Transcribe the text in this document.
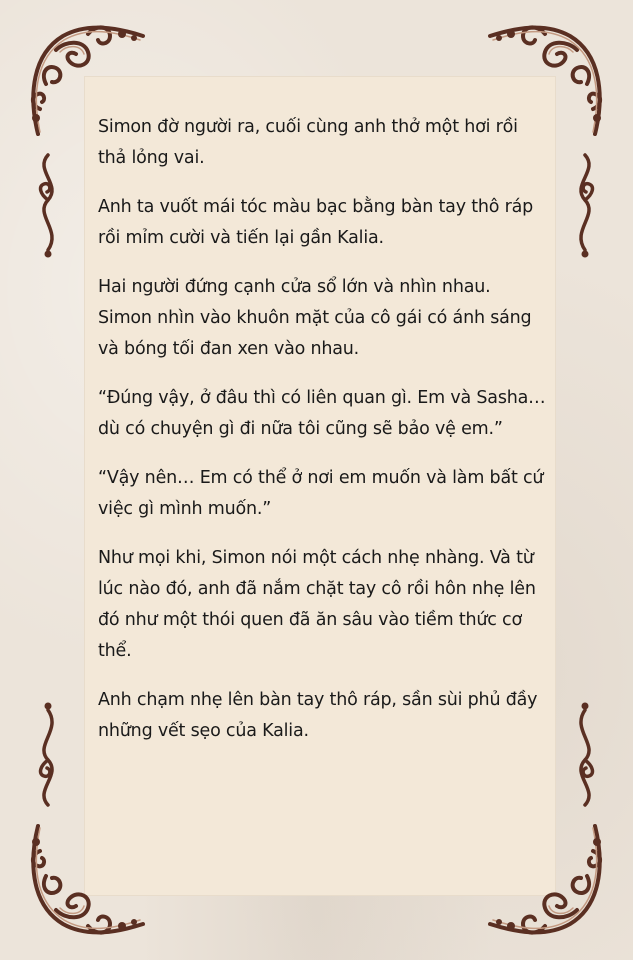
Simon đờ người ra, cuối cùng anh thở một hơi rồi thả lỏng vai.

Anh ta vuốt mái tóc màu bạc bằng bàn tay thô ráp rồi mỉm cười và tiến lại gần Kalia.

Hai người đứng cạnh cửa sổ lớn và nhìn nhau. Simon nhìn vào khuôn mặt của cô gái có ánh sáng và bóng tối đan xen vào nhau.

“Đúng vậy, ở đâu thì có liên quan gì. Em và Sasha… dù có chuyện gì đi nữa tôi cũng sẽ bảo vệ em.”

“Vậy nên… Em có thể ở nơi em muốn và làm bất cứ việc gì mình muốn.”

Như mọi khi, Simon nói một cách nhẹ nhàng. Và từ lúc nào đó, anh đã nắm chặt tay cô rồi hôn nhẹ lên đó như một thói quen đã ăn sâu vào tiềm thức cơ thể.

Anh chạm nhẹ lên bàn tay thô ráp, sần sùi phủ đầy những vết sẹo của Kalia.
